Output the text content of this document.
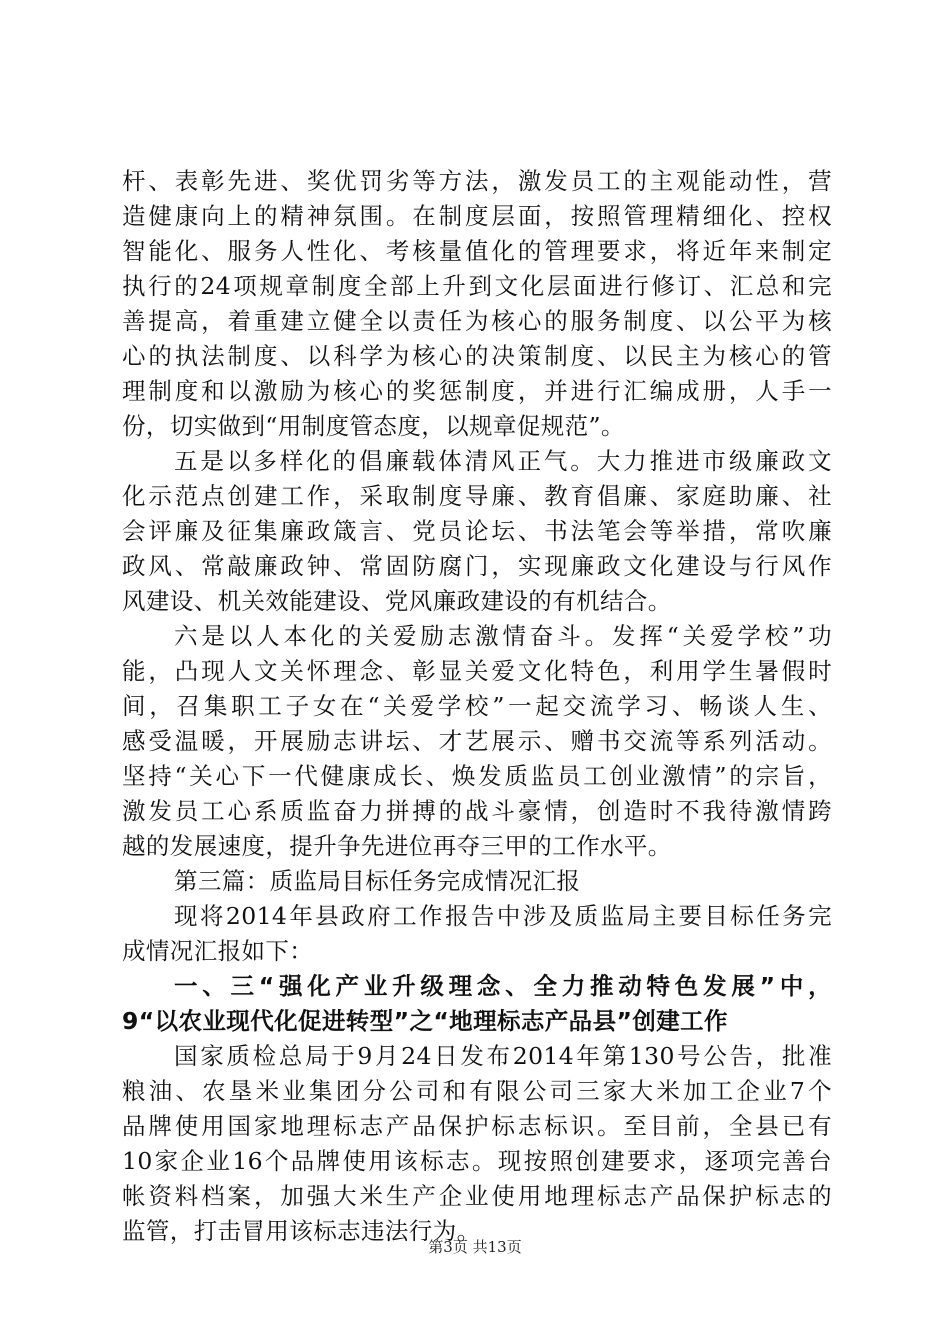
杆、表彰先进、奖优罚劣等方法，激发员工的主观能动性，营
造健康向上的精神氛围。在制度层面，按照管理精细化、控权
智能化、服务人性化、考核量值化的管理要求，将近年来制定
执行的24项规章制度全部上升到文化层面进行修订、汇总和完
善提高，着重建立健全以责任为核心的服务制度、以公平为核
心的执法制度、以科学为核心的决策制度、以民主为核心的管
理制度和以激励为核心的奖惩制度，并进行汇编成册，人手一
份，切实做到“用制度管态度，以规章促规范”。
五是以多样化的倡廉载体清风正气。大力推进市级廉政文
化示范点创建工作，采取制度导廉、教育倡廉、家庭助廉、社
会评廉及征集廉政箴言、党员论坛、书法笔会等举措，常吹廉
政风、常敲廉政钟、常固防腐门，实现廉政文化建设与行风作
风建设、机关效能建设、党风廉政建设的有机结合。
六是以人本化的关爱励志激情奋斗。发挥“关爱学校”功
能，凸现人文关怀理念、彰显关爱文化特色，利用学生暑假时
间，召集职工子女在“关爱学校”一起交流学习、畅谈人生、
感受温暖，开展励志讲坛、才艺展示、赠书交流等系列活动。
坚持“关心下一代健康成长、焕发质监员工创业激情”的宗旨，
激发员工心系质监奋力拼搏的战斗豪情，创造时不我待激情跨
越的发展速度，提升争先进位再夺三甲的工作水平。
第三篇：质监局目标任务完成情况汇报
现将2014年县政府工作报告中涉及质监局主要目标任务完
成情况汇报如下：
一、三“强化产业升级理念、全力推动特色发展”中，
9“以农业现代化促进转型”之“地理标志产品县”创建工作
国家质检总局于9月24日发布2014年第130号公告，批准
粮油、农垦米业集团分公司和有限公司三家大米加工企业7个
品牌使用国家地理标志产品保护标志标识。至目前，全县已有
10家企业16个品牌使用该标志。现按照创建要求，逐项完善台
帐资料档案，加强大米生产企业使用地理标志产品保护标志的
监管，打击冒用该标志违法行为。
第3页 共13页
